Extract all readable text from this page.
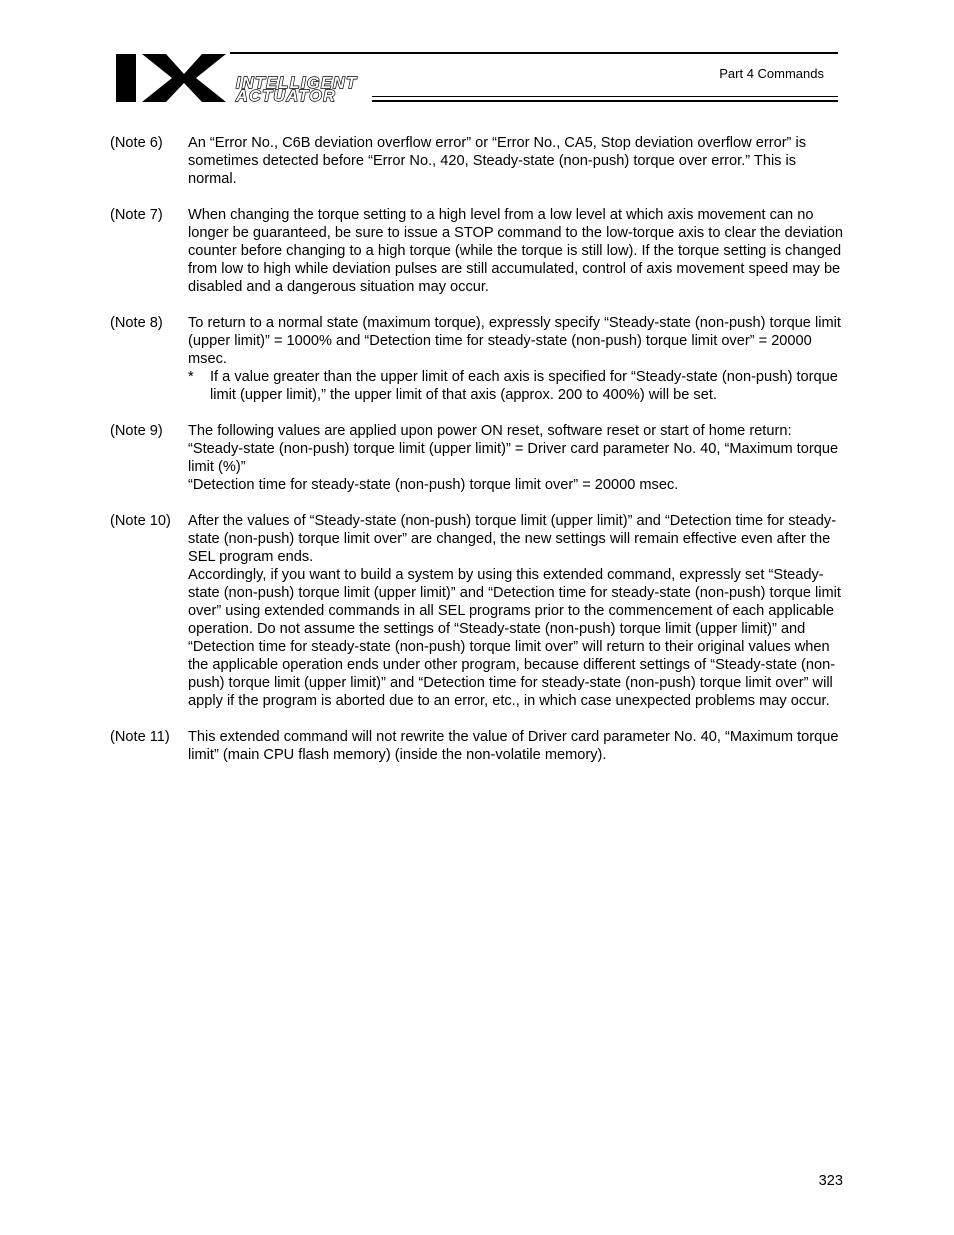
INTELLIGENT
ACTUATOR
Part 4 Commands
(Note 6)	An “Error No., C6B deviation overflow error” or “Error No., CA5, Stop deviation overflow error” is sometimes detected before “Error No., 420, Steady-state (non-push) torque over error.” This is normal.

(Note 7)	When changing the torque setting to a high level from a low level at which axis movement can no longer be guaranteed, be sure to issue a STOP command to the low-torque axis to clear the deviation counter before changing to a high torque (while the torque is still low). If the torque setting is changed from low to high while deviation pulses are still accumulated, control of axis movement speed may be disabled and a dangerous situation may occur.

(Note 8)	To return to a normal state (maximum torque), expressly specify “Steady-state (non-push) torque limit (upper limit)” = 1000% and “Detection time for steady-state (non-push) torque limit over” = 20000 msec.

*	If a value greater than the upper limit of each axis is specified for “Steady-state (non-push) torque limit (upper limit),” the upper limit of that axis (approx. 200 to 400%) will be set.
(Note 9)	The following values are applied upon power ON reset, software reset or start of home return:

“Steady-state (non-push) torque limit (upper limit)” = Driver card parameter No. 40, “Maximum torque limit (%)”

“Detection time for steady-state (non-push) torque limit over” = 20000 msec.

(Note 10)	After the values of “Steady-state (non-push) torque limit (upper limit)” and “Detection time for steady-state (non-push) torque limit over” are changed, the new settings will remain effective even after the SEL program ends.

Accordingly, if you want to build a system by using this extended command, expressly set “Steady-state (non-push) torque limit (upper limit)” and “Detection time for steady-state (non-push) torque limit over” using extended commands in all SEL programs prior to the commencement of each applicable operation. Do not assume the settings of “Steady-state (non-push) torque limit (upper limit)” and “Detection time for steady-state (non-push) torque limit over” will return to their original values when the applicable operation ends under other program, because different settings of “Steady-state (non-push) torque limit (upper limit)” and “Detection time for steady-state (non-push) torque limit over” will apply if the program is aborted due to an error, etc., in which case unexpected problems may occur.

(Note 11)	This extended command will not rewrite the value of Driver card parameter No. 40, “Maximum torque limit” (main CPU flash memory) (inside the non-volatile memory).

323
